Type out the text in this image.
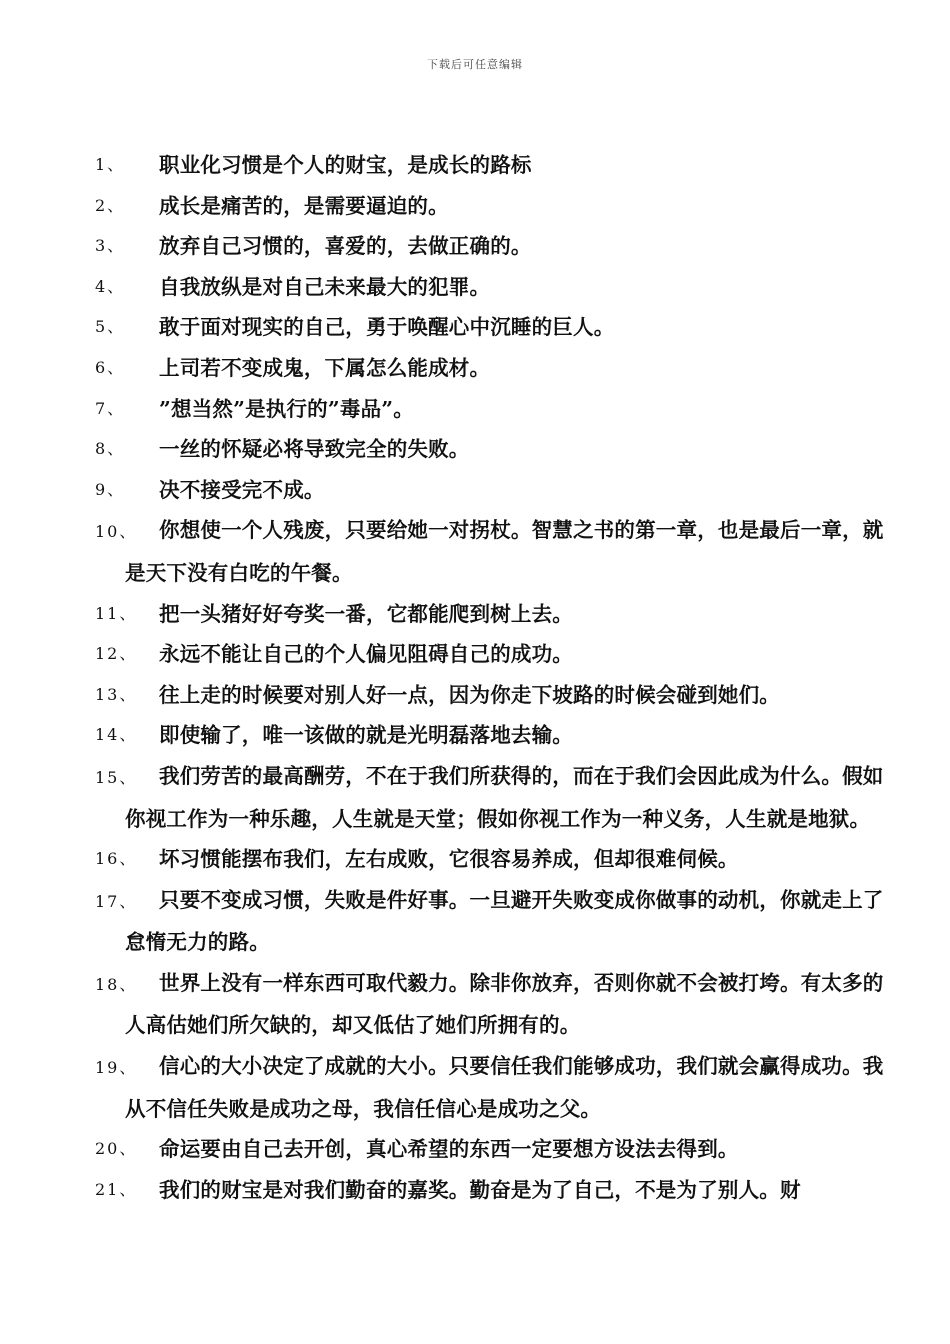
下载后可任意编辑
1、	职业化习惯是个人的财宝，是成长的路标
2、	成长是痛苦的，是需要逼迫的。
3、	放弃自己习惯的，喜爱的，去做正确的。
4、	自我放纵是对自己未来最大的犯罪。
5、	敢于面对现实的自己，勇于唤醒心中沉睡的巨人。
6、	上司若不变成鬼，下属怎么能成材。
7、	”想当然”是执行的”毒品”。
8、	一丝的怀疑必将导致完全的失败。
9、	决不接受完不成。
10、 你想使一个人残废，只要给她一对拐杖。智慧之书的第一章，也是最后一章，就是天下没有白吃的午餐。
11、	把一头猪好好夸奖一番，它都能爬到树上去。
12、	永远不能让自己的个人偏见阻碍自己的成功。
13、	往上走的时候要对别人好一点，因为你走下坡路的时候会碰到她们。
14、	即使输了，唯一该做的就是光明磊落地去输。
15、 我们劳苦的最高酬劳，不在于我们所获得的，而在于我们会因此成为什么。假如你视工作为一种乐趣，人生就是天堂；假如你视工作为一种义务，人生就是地狱。
16、	坏习惯能摆布我们，左右成败，它很容易养成，但却很难伺候。
17、 只要不变成习惯，失败是件好事。一旦避开失败变成你做事的动机，你就走上了怠惰无力的路。
18、 世界上没有一样东西可取代毅力。除非你放弃，否则你就不会被打垮。有太多的人高估她们所欠缺的，却又低估了她们所拥有的。
19、 信心的大小决定了成就的大小。只要信任我们能够成功，我们就会赢得成功。我从不信任失败是成功之母，我信任信心是成功之父。
20、	命运要由自己去开创，真心希望的东西一定要想方设法去得到。
21、	我们的财宝是对我们勤奋的嘉奖。勤奋是为了自己，不是为了别人。财
